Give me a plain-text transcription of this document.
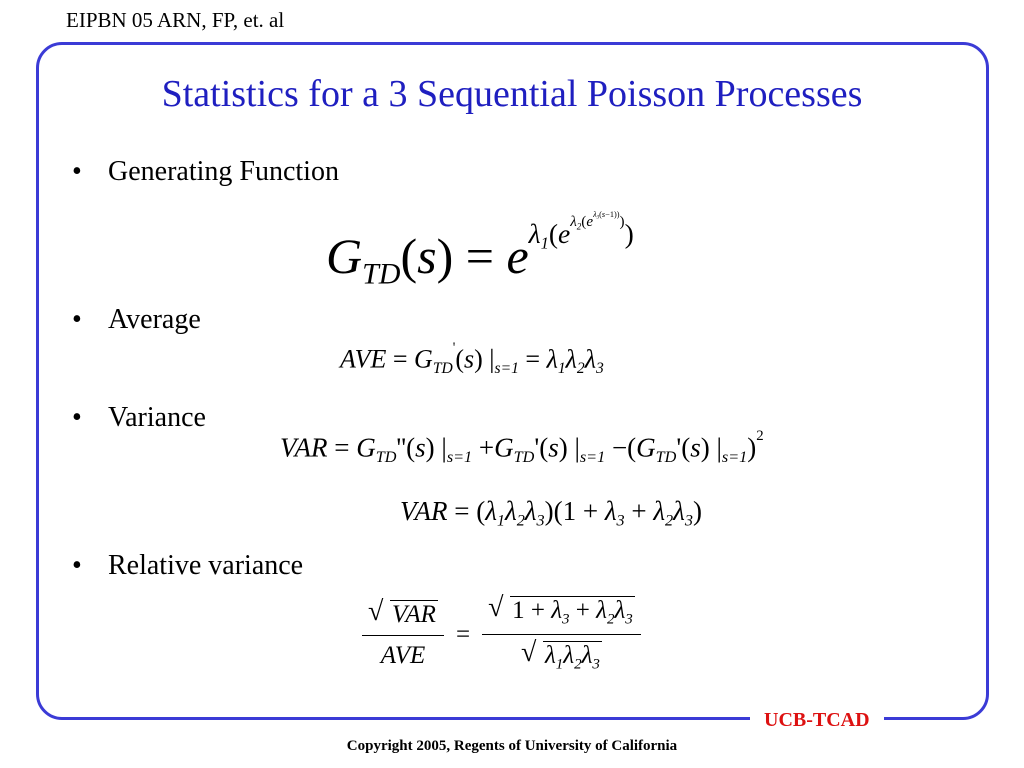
EIPBN 05 ARN, FP, et. al
Statistics for a 3 Sequential Poisson Processes
• Generating Function
$G_{TD}(s) = e\lambda_1(e\lambda_2(e\lambda_3(s-1)))$)
• Average
AVE = $G_{TD}'(s) |_{s=1} = \lambda_1\lambda_2\lambda_3$
• Variance
VAR = $G_{TD}''(s)$ $|_{s=1} +G_{TD}'(s)$ $|_{s=1} -(G_{TD}'(s)$ $|_{s=1})^2$
VAR = $(\lambda_1\lambda_2\lambda_3)(1 + \lambda_3 + \lambda_2\lambda_3)$
• Relative variance
$\frac{\text{√ VAR}}{\text{AVE}} = \frac{√ 1 + \lambda_3 + \lambda_2\lambda_3}{√ \lambda_1\lambda_2\lambda_3}$
UCB-TCAD
Copyright 2005, Regents of University of California
